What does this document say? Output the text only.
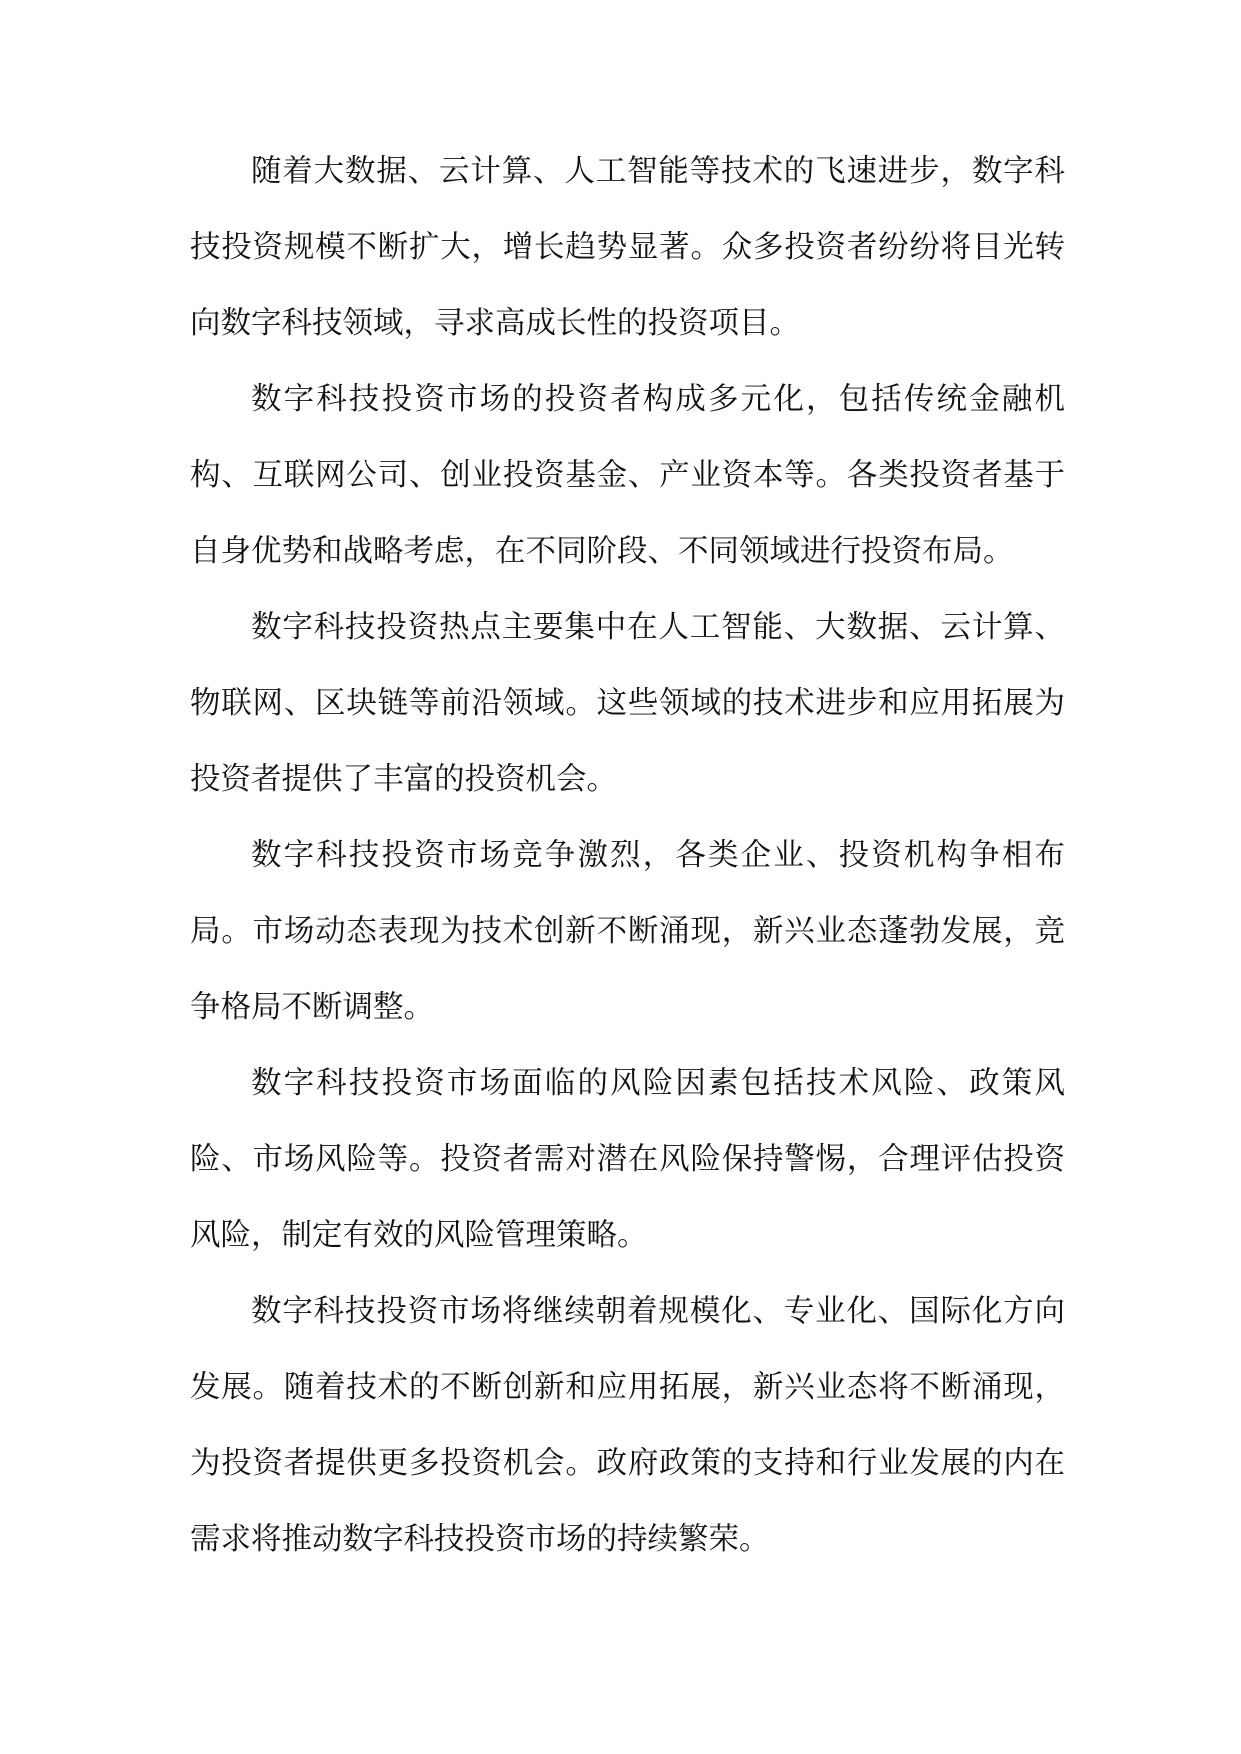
随着大数据、云计算、人工智能等技术的飞速进步，数字科技投资规模不断扩大，增长趋势显著。众多投资者纷纷将目光转向数字科技领域，寻求高成长性的投资项目。

数字科技投资市场的投资者构成多元化，包括传统金融机构、互联网公司、创业投资基金、产业资本等。各类投资者基于自身优势和战略考虑，在不同阶段、不同领域进行投资布局。

数字科技投资热点主要集中在人工智能、大数据、云计算、物联网、区块链等前沿领域。这些领域的技术进步和应用拓展为投资者提供了丰富的投资机会。

数字科技投资市场竞争激烈，各类企业、投资机构争相布局。市场动态表现为技术创新不断涌现，新兴业态蓬勃发展，竞争格局不断调整。

数字科技投资市场面临的风险因素包括技术风险、政策风险、市场风险等。投资者需对潜在风险保持警惕，合理评估投资风险，制定有效的风险管理策略。

数字科技投资市场将继续朝着规模化、专业化、国际化方向发展。随着技术的不断创新和应用拓展，新兴业态将不断涌现，为投资者提供更多投资机会。政府政策的支持和行业发展的内在需求将推动数字科技投资市场的持续繁荣。
